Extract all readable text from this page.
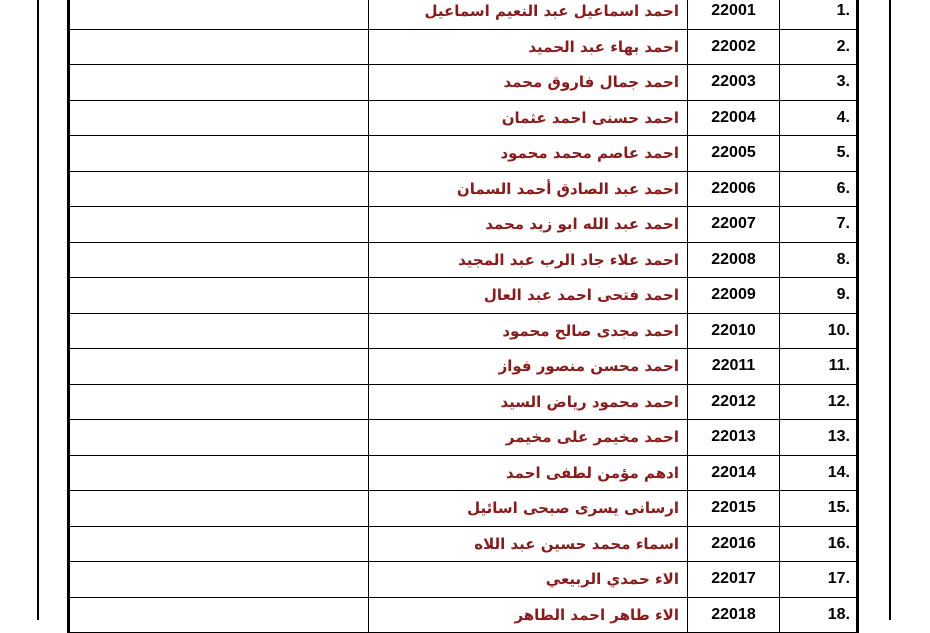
	احمد اسماعيل عبد النعيم اسماعيل	22001	1.
	احمد بهاء عبد الحميد	22002	2.
	احمد جمال فاروق محمد	22003	3.
	احمد حسنى احمد عثمان	22004	4.
	احمد عاصم محمد محمود	22005	5.
	احمد عبد الصادق أحمد السمان	22006	6.
	احمد عبد الله ابو زيد محمد	22007	7.
	احمد علاء جاد الرب عبد المجيد	22008	8.
	احمد فتحى احمد عبد العال	22009	9.
	احمد مجدى صالح محمود	22010	10.
	احمد محسن منصور فواز	22011	11.
	احمد محمود رياض السيد	22012	12.
	احمد مخيمر على مخيمر	22013	13.
	ادهم مؤمن لطفى احمد	22014	14.
	ارسانى يسرى صبحى اسائيل	22015	15.
	اسماء محمد حسين عبد اللاه	22016	16.
	الاء حمدي الربيعي	22017	17.
	الاء طاهر احمد الطاهر	22018	18.
